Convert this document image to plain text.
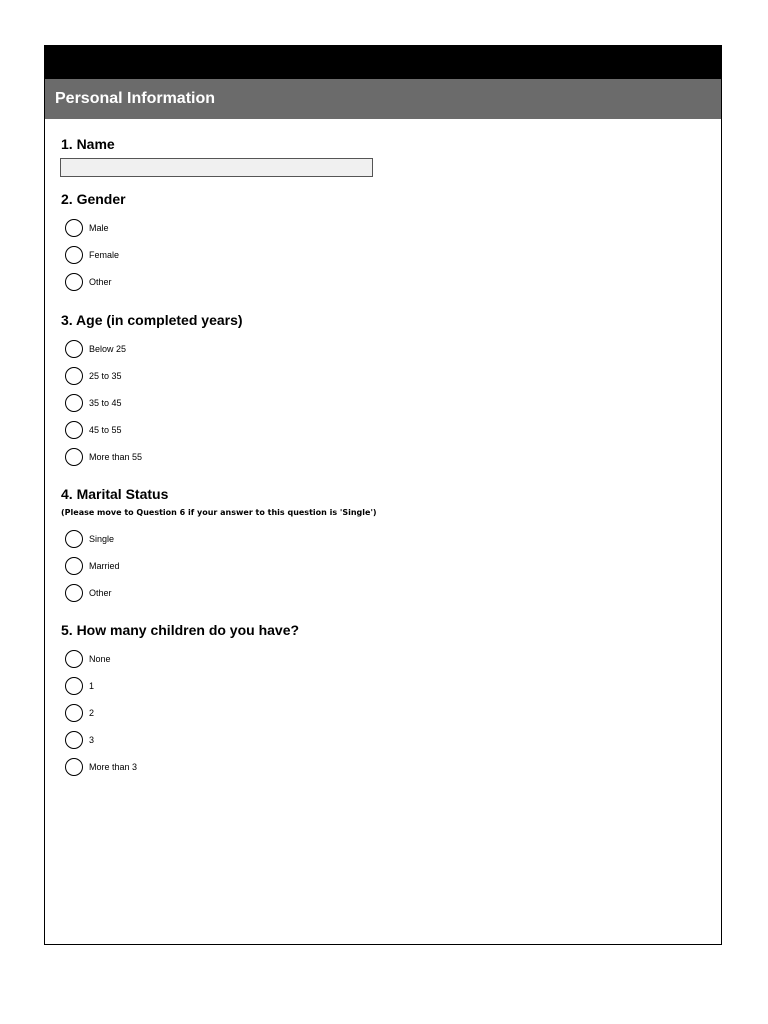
Personal Information
1. Name
2. Gender
Male
Female
Other
3. Age (in completed years)
Below 25
25 to 35
35 to 45
45 to 55
More than 55
4. Marital Status
(Please move to Question 6 if your answer to this question is 'Single')
Single
Married
Other
5. How many children do you have?
None
1
2
3
More than 3
